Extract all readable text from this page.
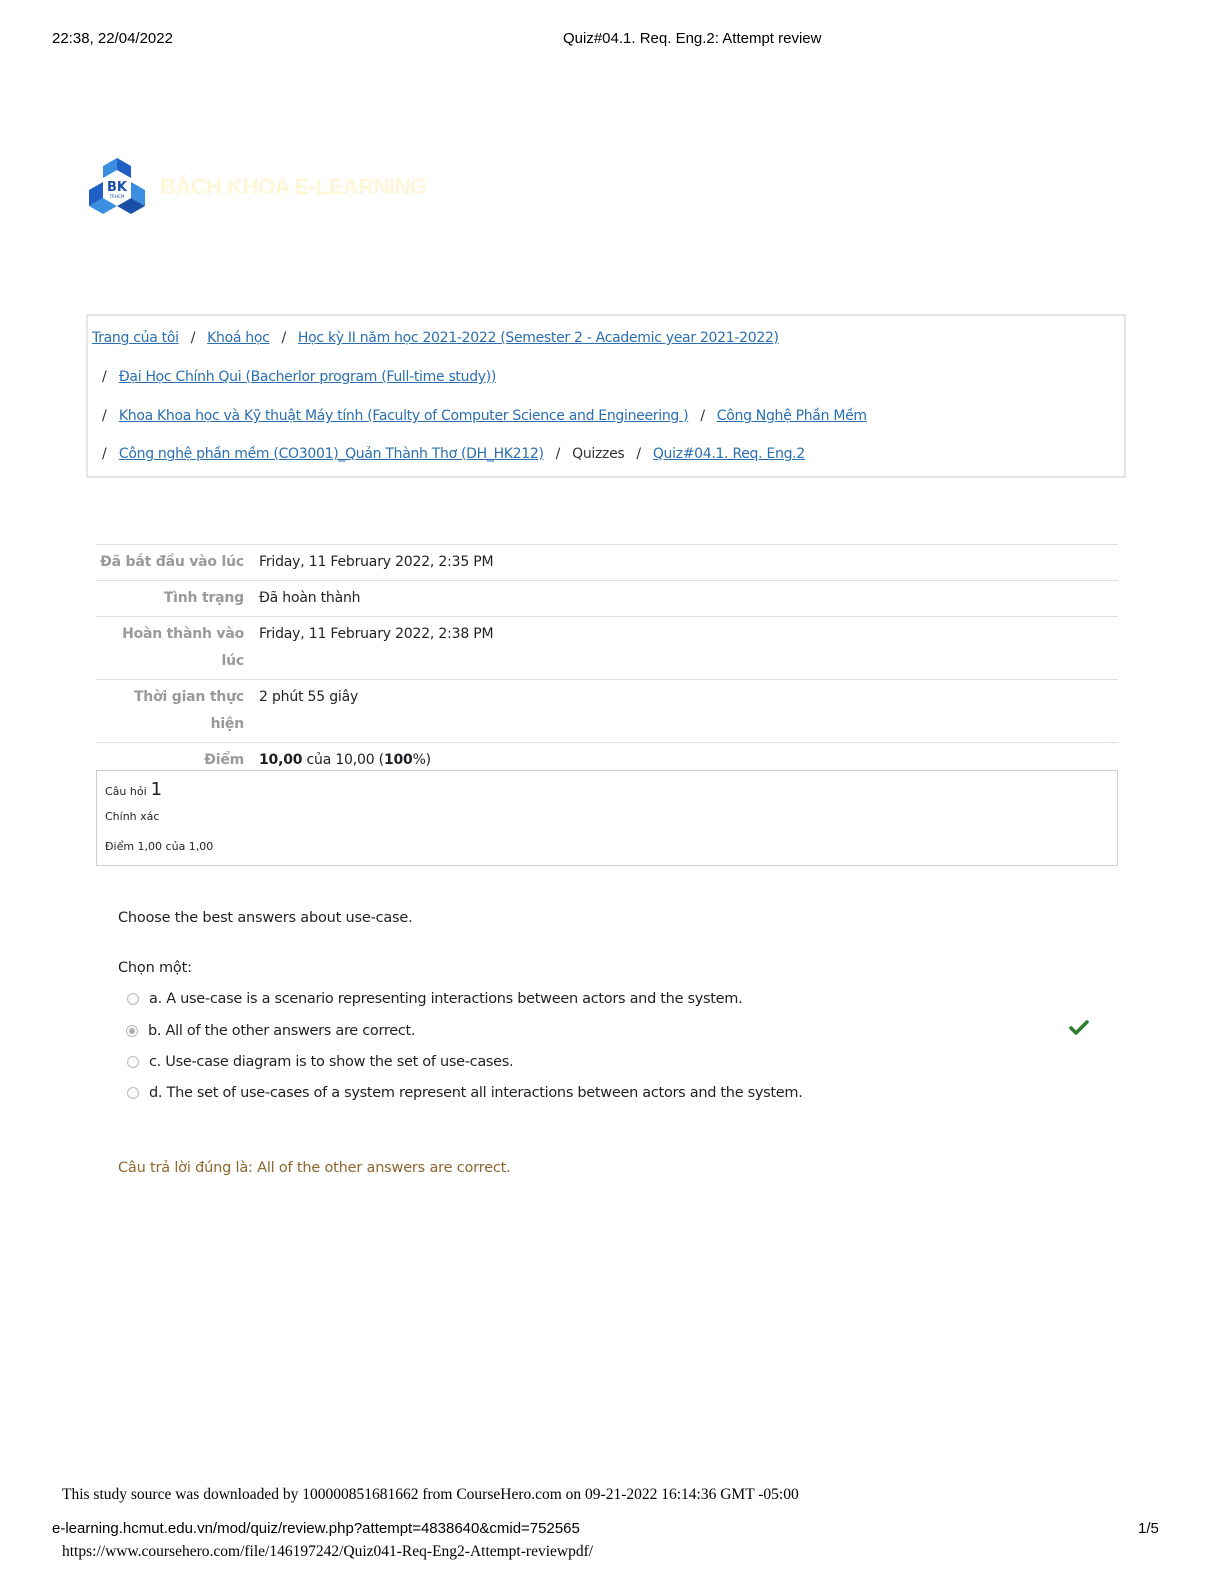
22:38, 22/04/2022	Quiz#04.1. Req. Eng.2: Attempt review
BK
TP.HCM BÁCH KHOA E-LEARNING
Trang của tôi / Khoá học / Học kỳ II năm học 2021-2022 (Semester 2 - Academic year 2021-2022)
/ Đại Học Chính Qui (Bacherlor program (Full-time study))
/ Khoa Khoa học và Kỹ thuật Máy tính (Faculty of Computer Science and Engineering ) / Công Nghệ Phần Mềm
/ Công nghệ phần mềm (CO3001)_Quản Thành Thơ (DH_HK212) / Quizzes / Quiz#04.1. Req. Eng.2
Đã bắt đầu vào lúc	Friday, 11 February 2022, 2:35 PM
Tình trạng	Đã hoàn thành
Hoàn thành vào lúc	Friday, 11 February 2022, 2:38 PM
Thời gian thực hiện	2 phút 55 giây
Điểm	10,00 của 10,00 (100%)
Câu hỏi 1
Chính xác
Điểm 1,00 của 1,00
Choose the best answers about use-case.
Chọn một:
a. A use-case is a scenario representing interactions between actors and the system.
b. All of the other answers are correct.
c. Use-case diagram is to show the set of use-cases.
d. The set of use-cases of a system represent all interactions between actors and the system.
Câu trả lời đúng là: All of the other answers are correct.
This study source was downloaded by 100000851681662 from CourseHero.com on 09-21-2022 16:14:36 GMT -05:00
e-learning.hcmut.edu.vn/mod/quiz/review.php?attempt=4838640&cmid=752565	1/5
https://www.coursehero.com/file/146197242/Quiz041-Req-Eng2-Attempt-reviewpdf/
